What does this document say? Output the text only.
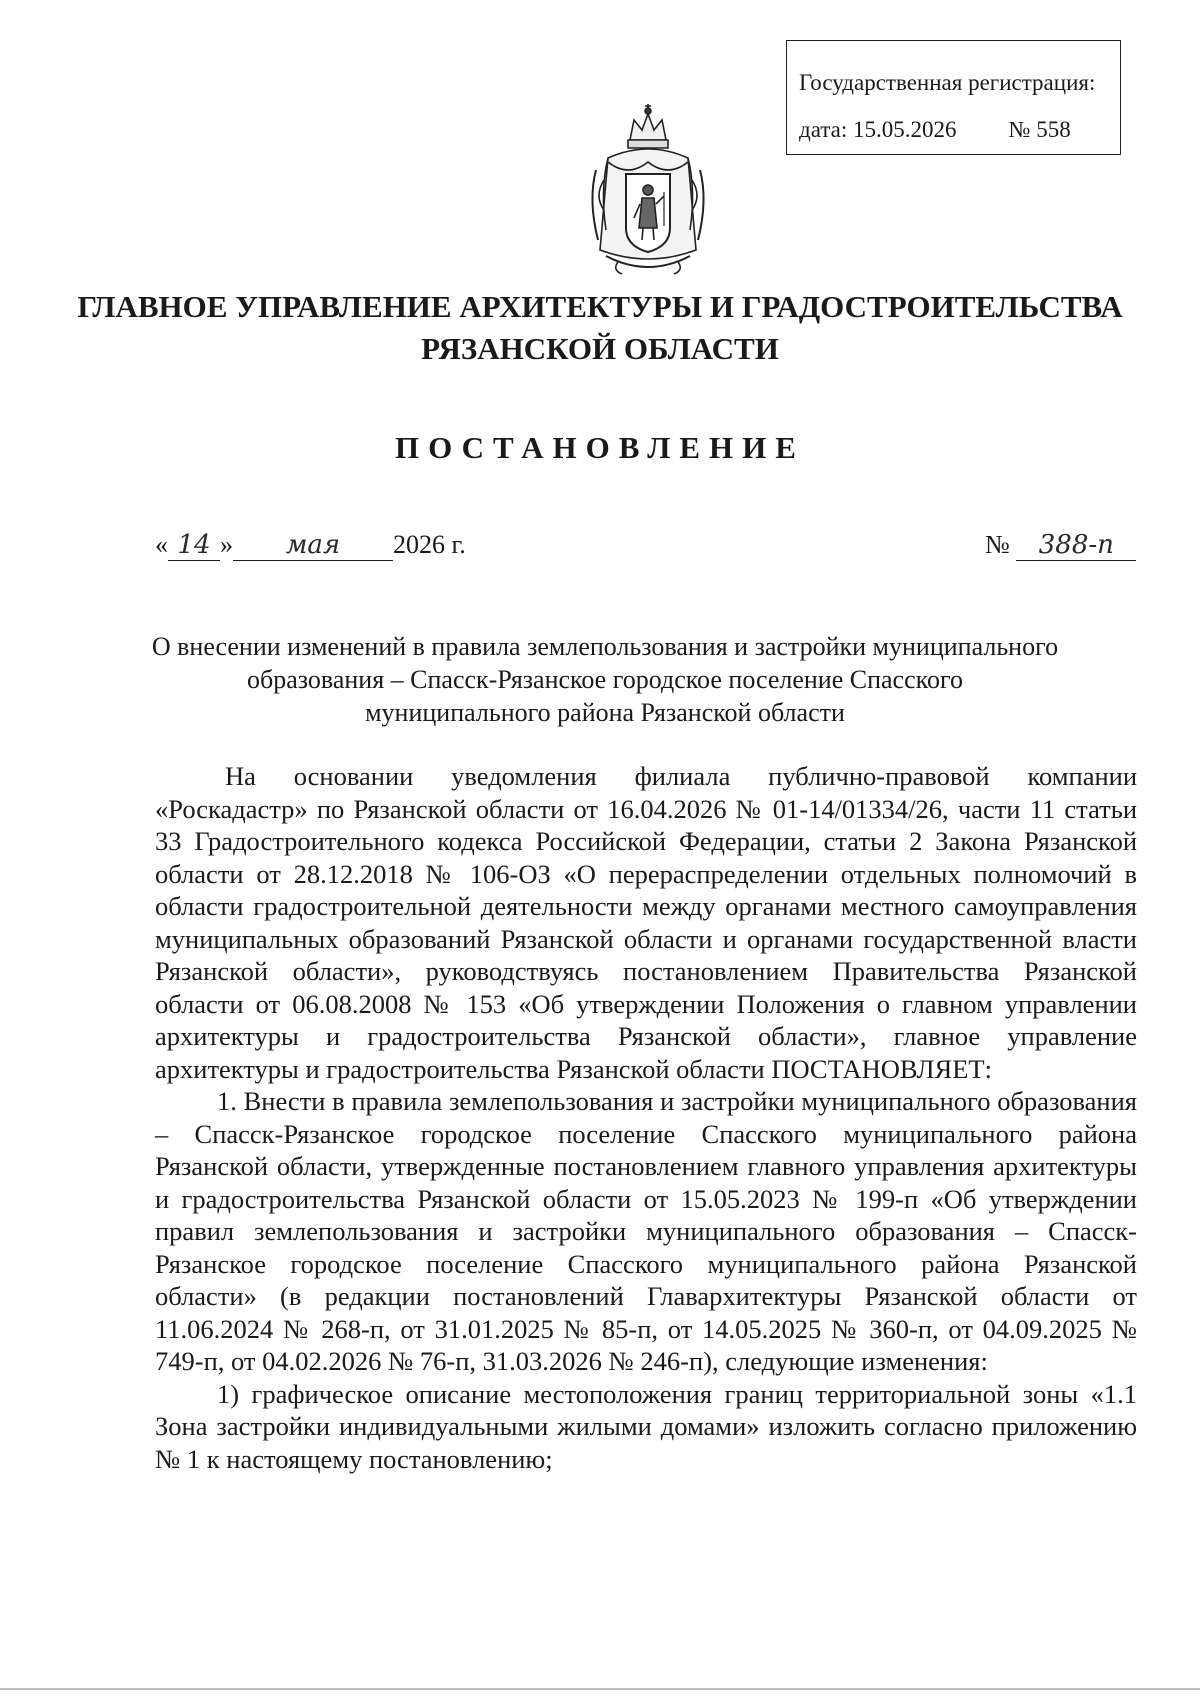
Государственная регистрация:
дата: 15.05.2026 № 558
ГЛАВНОЕ УПРАВЛЕНИЕ АРХИТЕКТУРЫ И ГРАДОСТРОИТЕЛЬСТВА
РЯЗАНСКОЙ ОБЛАСТИ
ПОСТАНОВЛЕНИЕ
« 14 » мая 2026 г.	№ 388-п
О внесении изменений в правила землепользования и застройки муниципального
образования – Спасск-Рязанское городское поселение Спасского
муниципального района Рязанской области

На основании уведомления филиала публично-правовой компании «Роскадастр» по Рязанской области от 16.04.2026 № 01-14/01334/26, части 11 статьи 33 Градостроительного кодекса Российской Федерации, статьи 2 Закона Рязанской области от 28.12.2018 № 106-ОЗ «О перераспределении отдельных полномочий в области градостроительной деятельности между органами местного самоуправления муниципальных образований Рязанской области и органами государственной власти Рязанской области», руководствуясь постановлением Правительства Рязанской области от 06.08.2008 № 153 «Об утверждении Положения о главном управлении архитектуры и градостроительства Рязанской области», главное управление архитектуры и градостроительства Рязанской области ПОСТАНОВЛЯЕТ:

1. Внести в правила землепользования и застройки муниципального образования – Спасск-Рязанское городское поселение Спасского муниципального района Рязанской области, утвержденные постановлением главного управления архитектуры и градостроительства Рязанской области от 15.05.2023 № 199-п «Об утверждении правил землепользования и застройки муниципального образования – Спасск-Рязанское городское поселение Спасского муниципального района Рязанской области» (в редакции постановлений Главархитектуры Рязанской области от 11.06.2024 № 268-п, от 31.01.2025 № 85-п, от 14.05.2025 № 360-п, от 04.09.2025 № 749-п, от 04.02.2026 № 76-п, 31.03.2026 № 246-п), следующие изменения:

1) графическое описание местоположения границ территориальной зоны «1.1 Зона застройки индивидуальными жилыми домами» изложить согласно приложению № 1 к настоящему постановлению;
